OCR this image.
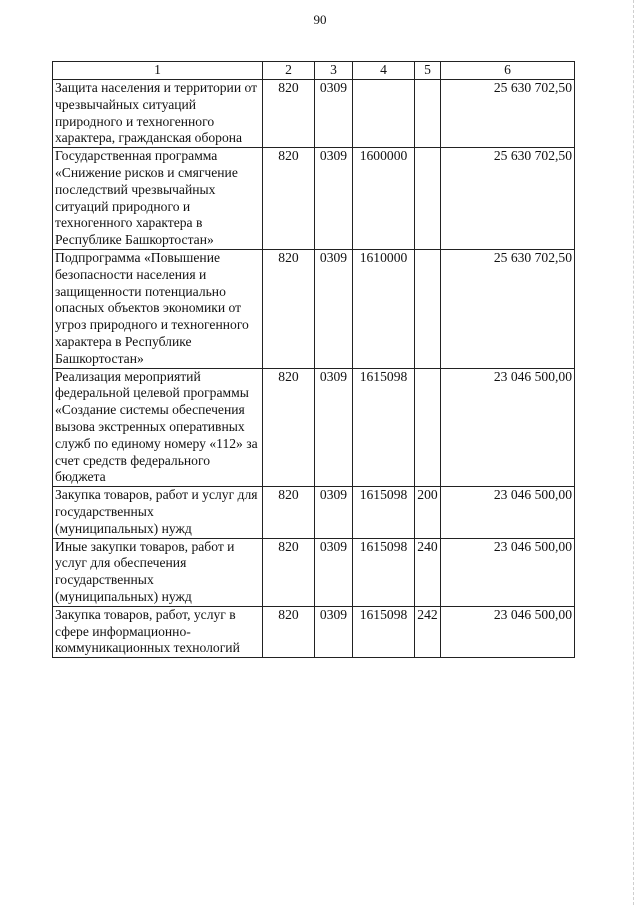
90
1	2	3	4	5	6
Защита населения и территории от чрезвычайных ситуаций природного и техногенного характера, гражданская оборона	820	0309			25 630 702,50
Государственная программа «Снижение рисков и смягчение последствий чрезвычайных ситуаций природного и техногенного характера в Республике Башкортостан»	820	0309	1600000		25 630 702,50
Подпрограмма «Повышение безопасности населения и защищенности потенциально опасных объектов экономики от угроз природного и техногенного характера в Республике Башкортостан»	820	0309	1610000		25 630 702,50
Реализация мероприятий федеральной целевой программы «Создание системы обеспечения вызова экстренных оперативных служб по единому номеру «112» за счет средств федерального бюджета	820	0309	1615098		23 046 500,00
Закупка товаров, работ и услуг для государственных (муниципальных) нужд	820	0309	1615098	200	23 046 500,00
Иные закупки товаров, работ и услуг для обеспечения государственных (муниципальных) нужд	820	0309	1615098	240	23 046 500,00
Закупка товаров, работ, услуг в сфере информационно-коммуникационных технологий	820	0309	1615098	242	23 046 500,00
